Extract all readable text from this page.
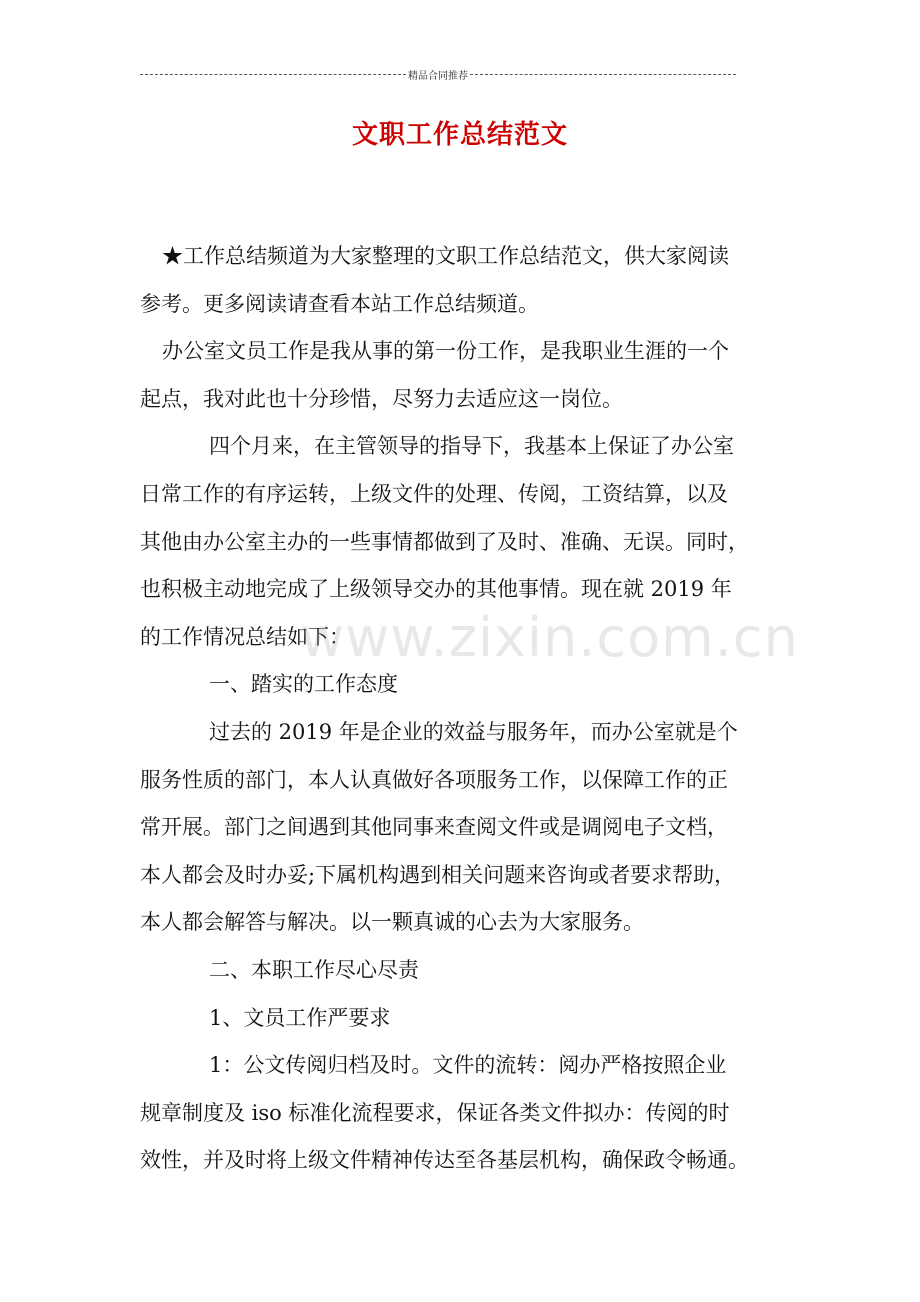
精品合同推荐
文职工作总结范文
★工作总结频道为大家整理的文职工作总结范文，供大家阅读
参考。更多阅读请查看本站工作总结频道。
办公室文员工作是我从事的第一份工作，是我职业生涯的一个
起点，我对此也十分珍惜，尽努力去适应这一岗位。
四个月来，在主管领导的指导下，我基本上保证了办公室
日常工作的有序运转，上级文件的处理、传阅，工资结算，以及
其他由办公室主办的一些事情都做到了及时、准确、无误。同时，
也积极主动地完成了上级领导交办的其他事情。现在就 2019 年
的工作情况总结如下：
一、踏实的工作态度
过去的 2019 年是企业的效益与服务年，而办公室就是个
服务性质的部门，本人认真做好各项服务工作，以保障工作的正
常开展。部门之间遇到其他同事来查阅文件或是调阅电子文档，
本人都会及时办妥;下属机构遇到相关问题来咨询或者要求帮助，
本人都会解答与解决。以一颗真诚的心去为大家服务。
二、本职工作尽心尽责
1、文员工作严要求
1：公文传阅归档及时。文件的流转：阅办严格按照企业
规章制度及 iso 标准化流程要求，保证各类文件拟办：传阅的时
效性，并及时将上级文件精神传达至各基层机构，确保政令畅通。
www.zixin.com.cn
